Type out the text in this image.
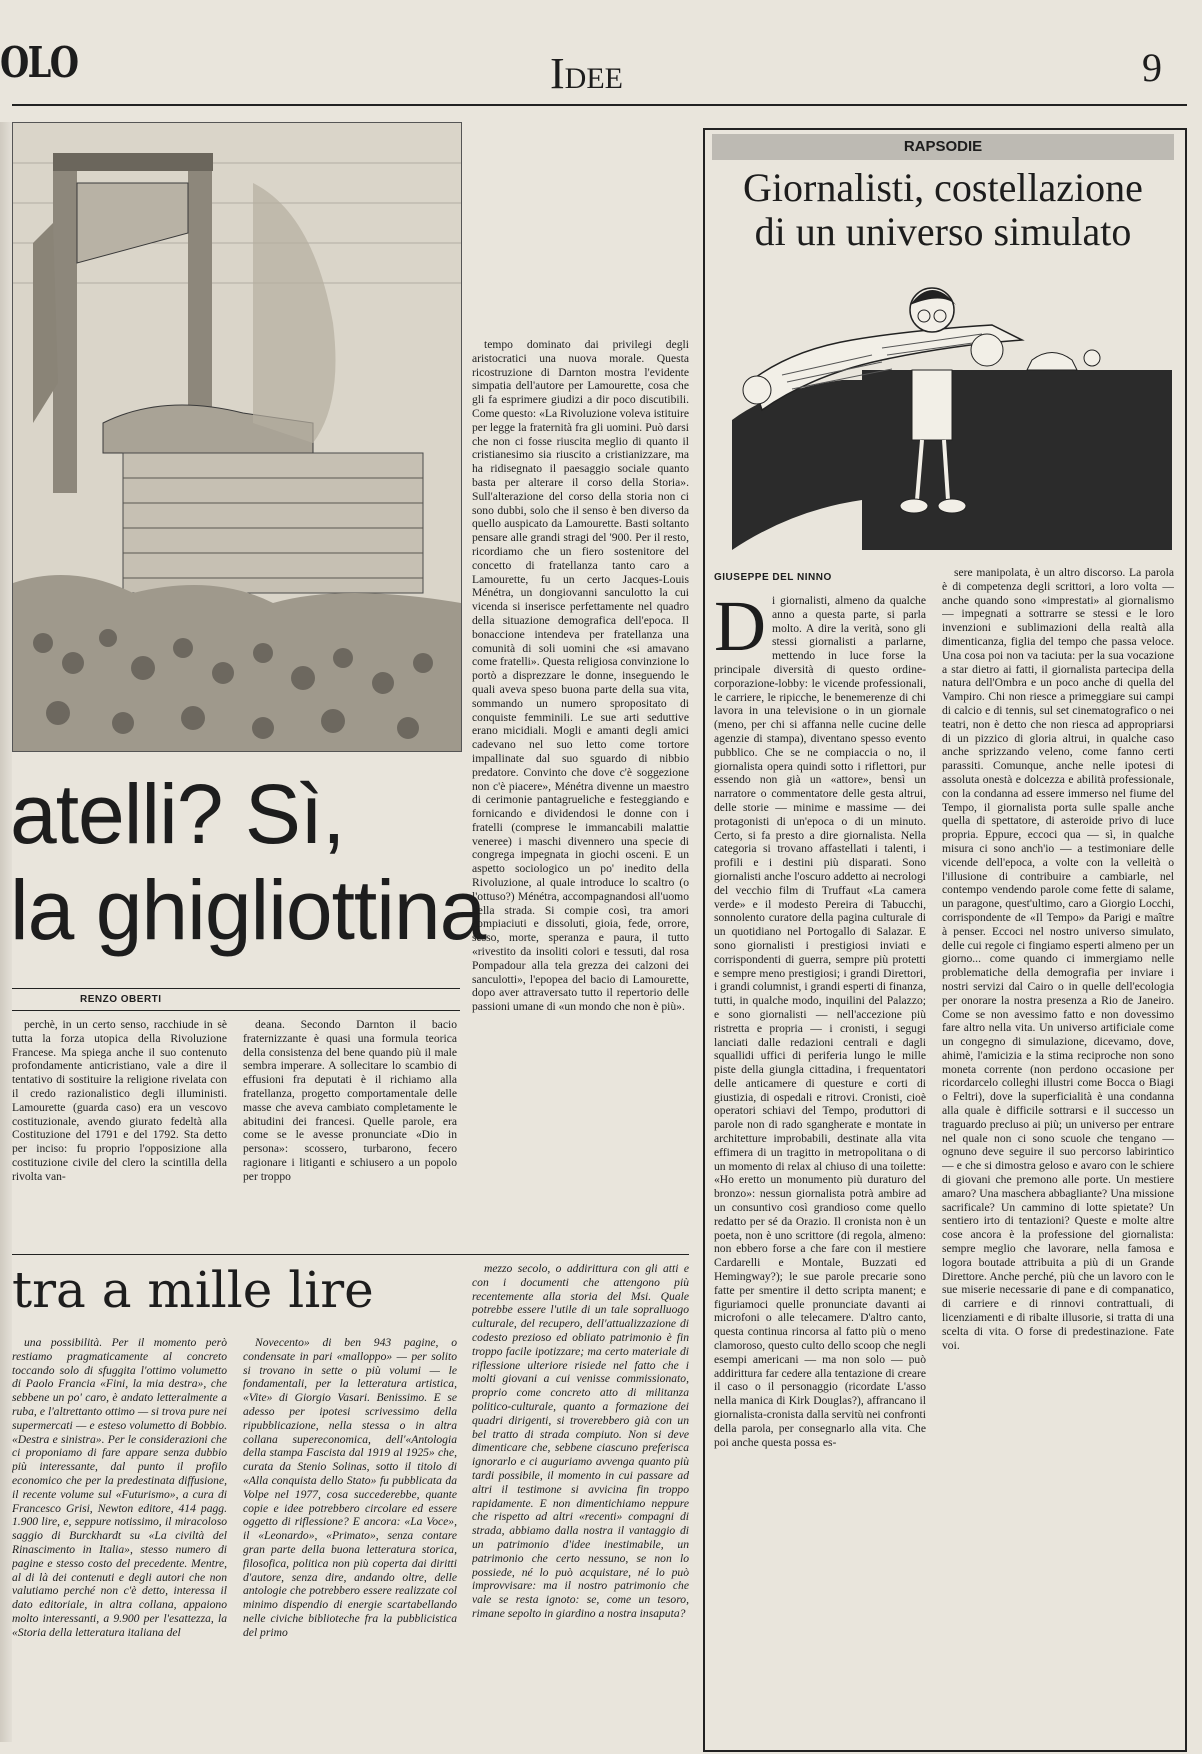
OLO	IDEE	9
atelli? Sì,
la ghigliottina
RENZO OBERTI

perchè, in un certo senso, racchiude in sè tutta la forza utopica della Rivoluzione Francese. Ma spiega anche il suo contenuto profondamente anticristiano, vale a dire il tentativo di sostituire la religione rivelata con il credo razionalistico degli illuministi. Lamourette (guarda caso) era un vescovo costituzionale, avendo giurato fedeltà alla Costituzione del 1791 e del 1792. Sta detto per inciso: fu proprio l'opposizione alla costituzione civile del clero la scintilla della rivolta van-

deana. Secondo Darnton il bacio fraternizzante è quasi una formula teorica della consistenza del bene quando più il male sembra imperare. A sollecitare lo scambio di effusioni fra deputati è il richiamo alla fratellanza, progetto comportamentale delle masse che aveva cambiato completamente le abitudini dei francesi. Quelle parole, era come se le avesse pronunciate «Dio in persona»: scossero, turbarono, fecero ragionare i litiganti e schiusero a un popolo per troppo

tempo dominato dai privilegi degli aristocratici una nuova morale. Questa ricostruzione di Darnton mostra l'evidente simpatia dell'autore per Lamourette, cosa che gli fa esprimere giudizi a dir poco discutibili. Come questo: «La Rivoluzione voleva istituire per legge la fraternità fra gli uomini. Può darsi che non ci fosse riuscita meglio di quanto il cristianesimo sia riuscito a cristianizzare, ma ha ridisegnato il paesaggio sociale quanto basta per alterare il corso della Storia». Sull'alterazione del corso della storia non ci sono dubbi, solo che il senso è ben diverso da quello auspicato da Lamourette. Basti soltanto pensare alle grandi stragi del '900. Per il resto, ricordiamo che un fiero sostenitore del concetto di fratellanza tanto caro a Lamourette, fu un certo Jacques-Louis Ménétra, un dongiovanni sanculotto la cui vicenda si inserisce perfettamente nel quadro della situazione demografica dell'epoca. Il bonaccione intendeva per fratellanza una comunità di soli uomini che «si amavano come fratelli». Questa religiosa convinzione lo portò a disprezzare le donne, inseguendo le quali aveva speso buona parte della sua vita, sommando un numero spropositato di conquiste femminili. Le sue arti seduttive erano micidiali. Mogli e amanti degli amici cadevano nel suo letto come tortore impallinate dal suo sguardo di nibbio predatore. Convinto che dove c'è soggezione non c'è piacere», Ménétra divenne un maestro di cerimonie pantagrueliche e festeggiando e fornicando e dividendosi le donne con i fratelli (comprese le immancabili malattie veneree) i maschi divennero una specie di congrega impegnata in giochi osceni. E un aspetto sociologico un po' inedito della Rivoluzione, al quale introduce lo scaltro (o l'ottuso?) Ménétra, accompagnandosi all'uomo della strada. Si compie così, tra amori compiaciuti e dissoluti, gioia, fede, orrore, sesso, morte, speranza e paura, il tutto «rivestito da insoliti colori e tessuti, dal rosa Pompadour alla tela grezza dei calzoni dei sanculotti», l'epopea del bacio di Lamourette, dopo aver attraversato tutto il repertorio delle passioni umane di «un mondo che non è più».

tra a mille lire

una possibilità. Per il momento però restiamo pragmaticamente al concreto toccando solo di sfuggita l'ottimo volumetto di Paolo Francia «Fini, la mia destra», che sebbene un po' caro, è andato letteralmente a ruba, e l'altrettanto ottimo — si trova pure nei supermercati — e esteso volumetto di Bobbio. «Destra e sinistra». Per le considerazioni che ci proponiamo di fare appare senza dubbio più interessante, dal punto il profilo economico che per la predestinata diffusione, il recente volume sul «Futurismo», a cura di Francesco Grisi, Newton editore, 414 pagg. 1.900 lire, e, seppure notissimo, il miracoloso saggio di Burckhardt su «La civiltà del Rinascimento in Italia», stesso numero di pagine e stesso costo del precedente. Mentre, al di là dei contenuti e degli autori che non valutiamo perché non c'è detto, interessa il dato editoriale, in altra collana, appaiono molto interessanti, a 9.900 per l'esattezza, la «Storia della letteratura italiana del

Novecento» di ben 943 pagine, o condensate in pari «malloppo» — per solito si trovano in sette o più volumi — le fondamentali, per la letteratura artistica, «Vite» di Giorgio Vasari. Benissimo. E se adesso per ipotesi scrivessimo della ripubblicazione, nella stessa o in altra collana supereconomica, dell'«Antologia della stampa Fascista dal 1919 al 1925» che, curata da Stenio Solinas, sotto il titolo di «Alla conquista dello Stato» fu pubblicata da Volpe nel 1977, cosa succederebbe, quante copie e idee potrebbero circolare ed essere oggetto di riflessione? E ancora: «La Voce», il «Leonardo», «Primato», senza contare gran parte della buona letteratura storica, filosofica, politica non più coperta dai diritti d'autore, senza dire, andando oltre, delle antologie che potrebbero essere realizzate col minimo dispendio di energie scartabellando nelle civiche biblioteche fra la pubblicistica del primo

mezzo secolo, o addirittura con gli atti e con i documenti che attengono più recentemente alla storia del Msi. Quale potrebbe essere l'utile di un tale sopralluogo culturale, del recupero, dell'attualizzazione di codesto prezioso ed obliato patrimonio è fin troppo facile ipotizzare; ma certo materiale di riflessione ulteriore risiede nel fatto che i molti giovani a cui venisse commissionato, proprio come concreto atto di militanza politico-culturale, quanto a formazione dei quadri dirigenti, si troverebbero già con un bel tratto di strada compiuto. Non si deve dimenticare che, sebbene ciascuno preferisca ignorarlo e ci auguriamo avvenga quanto più tardi possibile, il momento in cui passare ad altri il testimone si avvicina fin troppo rapidamente. E non dimentichiamo neppure che rispetto ad altri «recenti» compagni di strada, abbiamo dalla nostra il vantaggio di un patrimonio d'idee inestimabile, un patrimonio che certo nessuno, se non lo possiede, né lo può acquistare, né lo può improvvisare: ma il nostro patrimonio che vale se resta ignoto: se, come un tesoro, rimane sepolto in giardino a nostra insaputa?

RAPSODIE
Giornalisti, costellazione
di un universo simulato
GIUSEPPE DEL NINNO

Di giornalisti, almeno da qualche anno a questa parte, si parla molto. A dire la verità, sono gli stessi giornalisti a parlarne, mettendo in luce forse la principale diversità di questo ordine-corporazione-lobby: le vicende professionali, le carriere, le ripicche, le benemerenze di chi lavora in una televisione o in un giornale (meno, per chi si affanna nelle cucine delle agenzie di stampa), diventano spesso evento pubblico. Che se ne compiaccia o no, il giornalista opera quindi sotto i riflettori, pur essendo non già un «attore», bensì un narratore o commentatore delle gesta altrui, delle storie — minime e massime — dei protagonisti di un'epoca o di un minuto. Certo, si fa presto a dire giornalista. Nella categoria si trovano affastellati i talenti, i profili e i destini più disparati. Sono giornalisti anche l'oscuro addetto ai necrologi del vecchio film di Truffaut «La camera verde» e il modesto Pereira di Tabucchi, sonnolento curatore della pagina culturale di un quotidiano nel Portogallo di Salazar. E sono giornalisti i prestigiosi inviati e corrispondenti di guerra, sempre più protetti e sempre meno prestigiosi; i grandi Direttori, i grandi columnist, i grandi esperti di finanza, tutti, in qualche modo, inquilini del Palazzo; e sono giornalisti — nell'accezione più ristretta e propria — i cronisti, i segugi lanciati dalle redazioni centrali e dagli squallidi uffici di periferia lungo le mille piste della giungla cittadina, i frequentatori delle anticamere di questure e corti di giustizia, di ospedali e ritrovi. Cronisti, cioè operatori schiavi del Tempo, produttori di parole non di rado sgangherate e montate in architetture improbabili, destinate alla vita effimera di un tragitto in metropolitana o di un momento di relax al chiuso di una toilette: «Ho eretto un monumento più duraturo del bronzo»: nessun giornalista potrà ambire ad un consuntivo così grandioso come quello redatto per sé da Orazio. Il cronista non è un poeta, non è uno scrittore (di regola, almeno: non ebbero forse a che fare con il mestiere Cardarelli e Montale, Buzzati ed Hemingway?); le sue parole precarie sono fatte per smentire il detto scripta manent; e figuriamoci quelle pronunciate davanti ai microfoni o alle telecamere. D'altro canto, questa continua rincorsa al fatto più o meno clamoroso, questo culto dello scoop che negli esempi americani — ma non solo — può addirittura far cedere alla tentazione di creare il caso o il personaggio (ricordate L'asso nella manica di Kirk Douglas?), affrancano il giornalista-cronista dalla servitù nei confronti della parola, per consegnarlo alla vita. Che poi anche questa possa es-

sere manipolata, è un altro discorso. La parola è di competenza degli scrittori, a loro volta — anche quando sono «imprestati» al giornalismo — impegnati a sottrarre se stessi e le loro invenzioni e sublimazioni della realtà alla dimenticanza, figlia del tempo che passa veloce. Una cosa poi non va taciuta: per la sua vocazione a star dietro ai fatti, il giornalista partecipa della natura dell'Ombra e un poco anche di quella del Vampiro. Chi non riesce a primeggiare sui campi di calcio e di tennis, sul set cinematografico o nei teatri, non è detto che non riesca ad appropriarsi di un pizzico di gloria altrui, in qualche caso anche sprizzando veleno, come fanno certi parassiti. Comunque, anche nelle ipotesi di assoluta onestà e dolcezza e abilità professionale, con la condanna ad essere immerso nel fiume del Tempo, il giornalista porta sulle spalle anche quella di spettatore, di asteroide privo di luce propria. Eppure, eccoci qua — sì, in qualche misura ci sono anch'io — a testimoniare delle vicende dell'epoca, a volte con la velleità o l'illusione di contribuire a cambiarle, nel contempo vendendo parole come fette di salame, un paragone, quest'ultimo, caro a Giorgio Locchi, corrispondente de «Il Tempo» da Parigi e maître à penser. Eccoci nel nostro universo simulato, delle cui regole ci fingiamo esperti almeno per un giorno... come quando ci immergiamo nelle problematiche della demografia per inviare i nostri servizi dal Cairo o in quelle dell'ecologia per onorare la nostra presenza a Rio de Janeiro. Come se non avessimo fatto e non dovessimo fare altro nella vita. Un universo artificiale come un congegno di simulazione, dicevamo, dove, ahimè, l'amicizia e la stima reciproche non sono moneta corrente (non perdono occasione per ricordarcelo colleghi illustri come Bocca o Biagi o Feltri), dove la superficialità è una condanna alla quale è difficile sottrarsi e il successo un traguardo precluso ai più; un universo per entrare nel quale non ci sono scuole che tengano — ognuno deve seguire il suo percorso labirintico — e che si dimostra geloso e avaro con le schiere di giovani che premono alle porte. Un mestiere amaro? Una maschera abbagliante? Una missione sacrificale? Un cammino di lotte spietate? Un sentiero irto di tentazioni? Queste e molte altre cose ancora è la professione del giornalista: sempre meglio che lavorare, nella famosa e logora boutade attribuita a più di un Grande Direttore. Anche perché, più che un lavoro con le sue miserie necessarie di pane e di companatico, di carriere e di rinnovi contrattuali, di licenziamenti e di ribalte illusorie, si tratta di una scelta di vita. O forse di predestinazione. Fate voi.
